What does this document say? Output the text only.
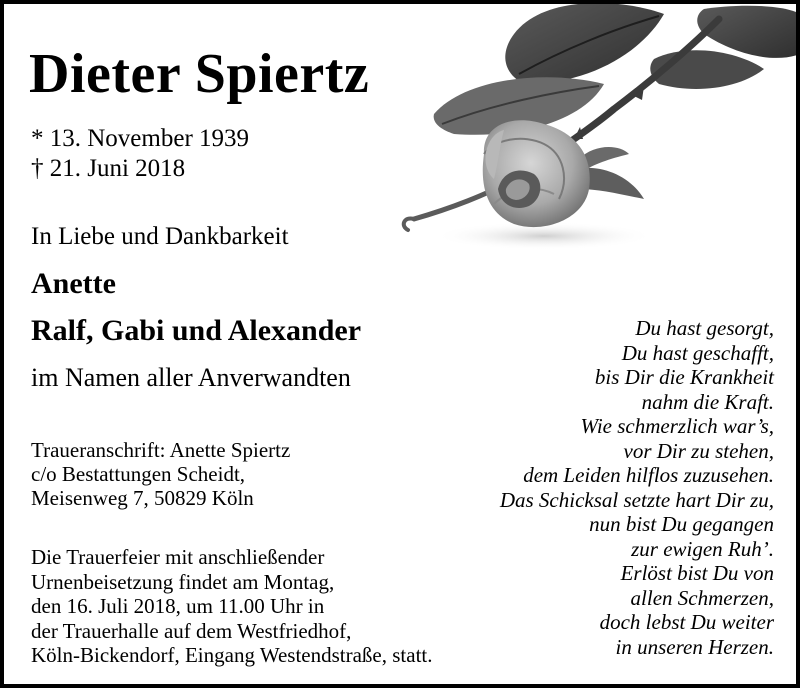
Dieter Spiertz
* 13. November 1939
† 21. Juni 2018
In Liebe und Dankbarkeit
Anette
Ralf, Gabi und Alexander
im Namen aller Anverwandten
Traueranschrift: Anette Spiertz
c/o Bestattungen Scheidt,
Meisenweg 7, 50829 Köln
Die Trauerfeier mit anschließender
Urnenbeisetzung findet am Montag,
den 16. Juli 2018, um 11.00 Uhr in
der Trauerhalle auf dem Westfriedhof,
Köln-Bickendorf, Eingang Westendstraße, statt.
Du hast gesorgt,
Du hast geschafft,
bis Dir die Krankheit
nahm die Kraft.
Wie schmerzlich war’s,
vor Dir zu stehen,
dem Leiden hilflos zuzusehen.
Das Schicksal setzte hart Dir zu,
nun bist Du gegangen
zur ewigen Ruh’.
Erlöst bist Du von
allen Schmerzen,
doch lebst Du weiter
in unseren Herzen.
